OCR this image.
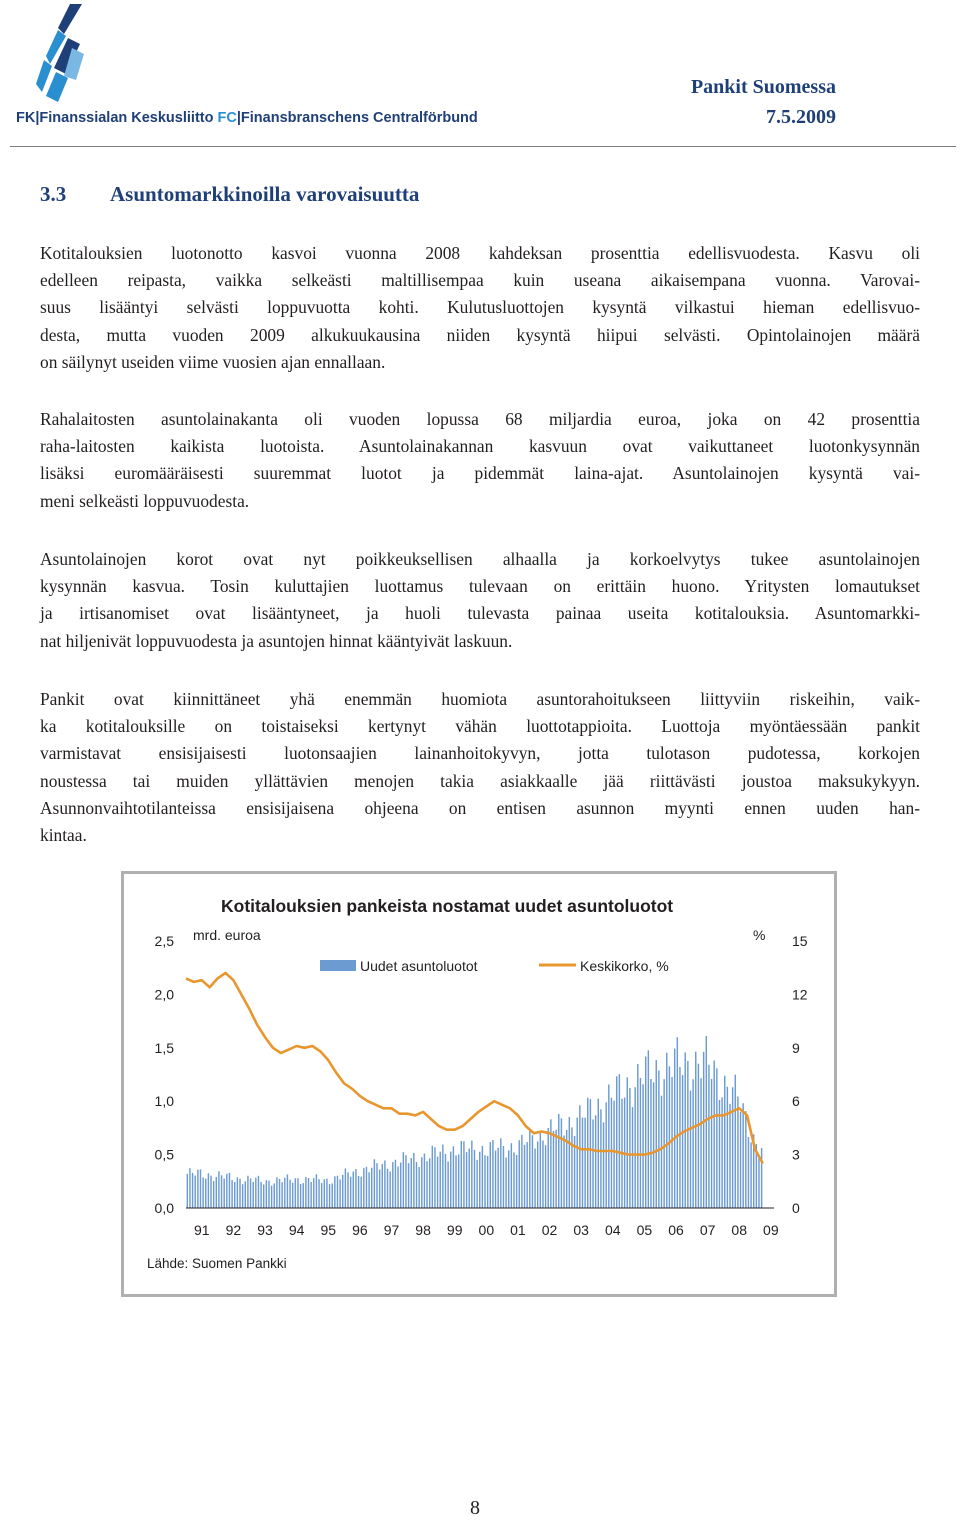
FK|Finanssialan Keskusliitto FC|Finansbranschens Centralförbund
Pankit Suomessa
7.5.2009
3.3 Asuntomarkkinoilla varovaisuutta
Kotitalouksien luotonotto kasvoi vuonna 2008 kahdeksan prosenttia edellisvuodesta. Kasvu oli
edelleen reipasta, vaikka selkeästi maltillisempaa kuin useana aikaisempana vuonna. Varovai-
suus lisääntyi selvästi loppuvuotta kohti. Kulutusluottojen kysyntä vilkastui hieman edellisvuo-
desta, mutta vuoden 2009 alkukuukausina niiden kysyntä hiipui selvästi. Opintolainojen määrä
on säilynyt useiden viime vuosien ajan ennallaan.
Rahalaitosten asuntolainakanta oli vuoden lopussa 68 miljardia euroa, joka on 42 prosenttia
raha-laitosten kaikista luotoista. Asuntolainakannan kasvuun ovat vaikuttaneet luotonkysynnän
lisäksi euromääräisesti suuremmat luotot ja pidemmät laina-ajat. Asuntolainojen kysyntä vai-
meni selkeästi loppuvuodesta.
Asuntolainojen korot ovat nyt poikkeuksellisen alhaalla ja korkoelvytys tukee asuntolainojen
kysynnän kasvua. Tosin kuluttajien luottamus tulevaan on erittäin huono. Yritysten lomautukset
ja irtisanomiset ovat lisääntyneet, ja huoli tulevasta painaa useita kotitalouksia. Asuntomarkki-
nat hiljenivät loppuvuodesta ja asuntojen hinnat kääntyivät laskuun.
Pankit ovat kiinnittäneet yhä enemmän huomiota asuntorahoitukseen liittyviin riskeihin, vaik-
ka kotitalouksille on toistaiseksi kertynyt vähän luottotappioita. Luottoja myöntäessään pankit
varmistavat ensisijaisesti luotonsaajien lainanhoitokyvyn, jotta tulotason pudotessa, korkojen
noustessa tai muiden yllättävien menojen takia asiakkaalle jää riittävästi joustoa maksukykyyn.
Asunnonvaihtotilanteissa ensisijaisena ohjeena on entisen asunnon myynti ennen uuden han-
kintaa.
Kotitalouksien pankeista nostamat uudet asuntoluotot
mrd. euroa	%
Uudet asuntoluotot	Keskikorko, %
2,5
2,0
1,5
1,0
0,5
0,0
15
12
9
6
3
0
91 92 93 94 95 96 97 98 99 00 01 02 03 04 05 06 07 08 09
Lähde: Suomen Pankki
8
